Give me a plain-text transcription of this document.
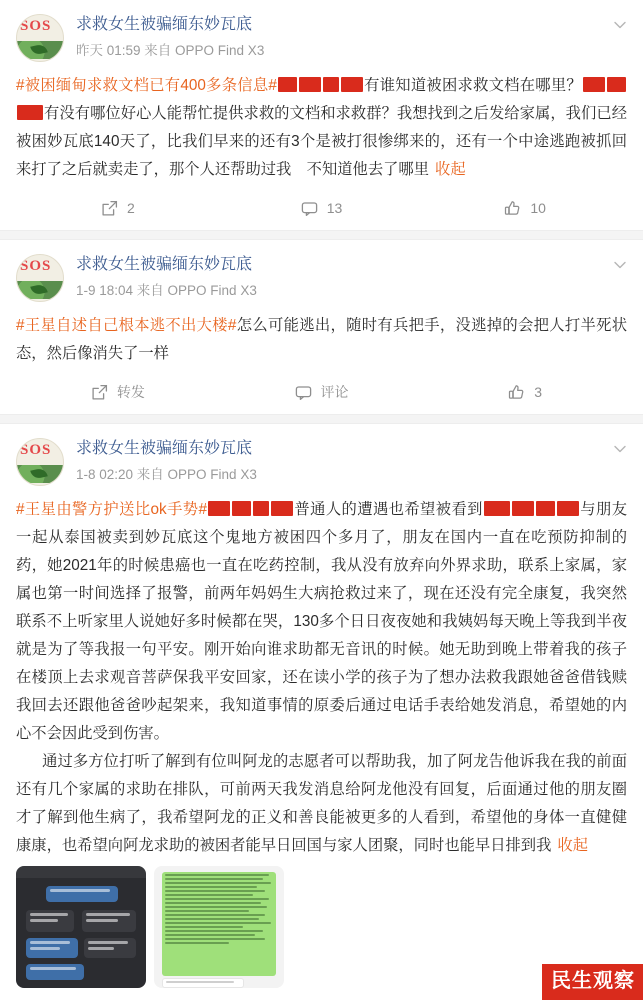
SOS 求救女生被骗缅东妙瓦底
昨天 01:59 来自 OPPO Find X3
#被困缅甸求救文档已有400多条信息#	有谁知道被困求救文档在哪里？有没有哪位好心人能帮忙提供求救的文档和求救群？我想找到之后发给家属，我们已经被困妙瓦底140天了，比我们早来的还有3个是被打很惨绑来的，还有一个中途逃跑被抓回来打了之后就卖走了，那个人还帮助过我　不知道他去了哪里 收起
2	13	10
SOS 求救女生被骗缅东妙瓦底
1-9 18:04 来自 OPPO Find X3
#王星自述自己根本逃不出大楼#怎么可能逃出，随时有兵把手，没逃掉的会把人打半死状态，然后像消失了一样
转发	评论	3
SOS 求救女生被骗缅东妙瓦底
1-8 02:20 来自 OPPO Find X3
#王星由警方护送比ok手势#	普通人的遭遇也希望被看到	与朋友一起从泰国被卖到妙瓦底这个鬼地方被困四个多月了，朋友在国内一直在吃预防抑制的药，她2021年的时候患癌也一直在吃药控制，我从没有放弃向外界求助，联系上家属，家属也第一时间选择了报警，前两年妈妈生大病抢救过来了，现在还没有完全康复，我突然联系不上听家里人说她好多时候都在哭，130多个日日夜夜她和我姨妈每天晚上等我到半夜就是为了等我报一句平安。刚开始向谁求助都无音讯的时候。她无助到晚上带着我的孩子在楼顶上去求观音菩萨保我平安回家，还在读小学的孩子为了想办法救我跟她爸爸借钱赎我回去还跟他爸爸吵起架来，我知道事情的原委后通过电话手表给她发消息，希望她的内心不会因此受到伤害。
通过多方位打听了解到有位叫阿龙的志愿者可以帮助我，加了阿龙告他诉我在我的前面还有几个家属的求助在排队，可前两天我发消息给阿龙他没有回复，后面通过他的朋友圈才了解到他生病了，我希望阿龙的正义和善良能被更多的人看到，希望他的身体一直健健康康，也希望向阿龙求助的被困者能早日回国与家人团聚，同时也能早日排到我 收起
民生观察
